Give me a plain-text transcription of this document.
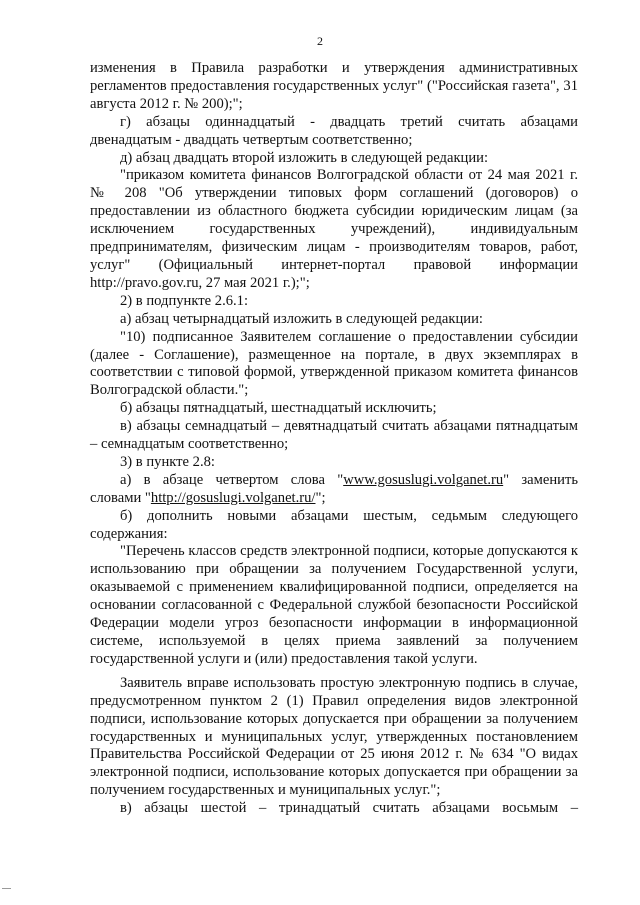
2

изменения в Правила разработки и утверждения административных регламентов предоставления государственных услуг" ("Российская газета", 31 августа 2012 г. № 200);";

г) абзацы одиннадцатый - двадцать третий считать абзацами двенадцатым - двадцать четвертым соответственно;

д) абзац двадцать второй изложить в следующей редакции:

"приказом комитета финансов Волгоградской области от 24 мая 2021 г. № 208 "Об утверждении типовых форм соглашений (договоров) о предоставлении из областного бюджета субсидии юридическим лицам (за исключением государственных учреждений), индивидуальным предпринимателям, физическим лицам - производителям товаров, работ, услуг" (Официальный интернет-портал правовой информации http://pravo.gov.ru, 27 мая 2021 г.);";

2) в подпункте 2.6.1:

а) абзац четырнадцатый изложить в следующей редакции:

"10) подписанное Заявителем соглашение о предоставлении субсидии (далее - Соглашение), размещенное на портале, в двух экземплярах в соответствии с типовой формой, утвержденной приказом комитета финансов Волгоградской области.";

б) абзацы пятнадцатый, шестнадцатый исключить;

в) абзацы семнадцатый – девятнадцатый считать абзацами пятнадцатым – семнадцатым соответственно;

3) в пункте 2.8:

а) в абзаце четвертом слова "www.gosuslugi.volganet.ru" заменить словами "http://gosuslugi.volganet.ru/";

б) дополнить новыми абзацами шестым, седьмым следующего содержания:

"Перечень классов средств электронной подписи, которые допускаются к использованию при обращении за получением Государственной услуги, оказываемой с применением квалифицированной подписи, определяется на основании согласованной с Федеральной службой безопасности Российской Федерации модели угроз безопасности информации в информационной системе, используемой в целях приема заявлений за получением государственной услуги и (или) предоставления такой услуги.

Заявитель вправе использовать простую электронную подпись в случае, предусмотренном пунктом 2 (1) Правил определения видов электронной подписи, использование которых допускается при обращении за получением государственных и муниципальных услуг, утвержденных постановлением Правительства Российской Федерации от 25 июня 2012 г. № 634 "О видах электронной подписи, использование которых допускается при обращении за получением государственных и муниципальных услуг.";

в) абзацы шестой – тринадцатый считать абзацами восьмым –
